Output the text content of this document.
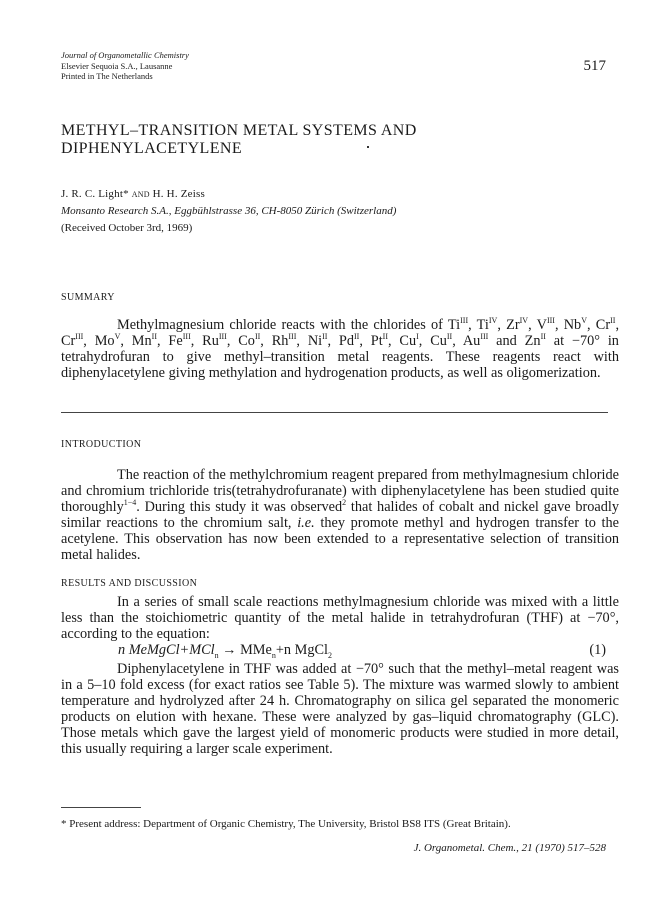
Journal of Organometallic Chemistry
Elsevier Sequoia S.A., Lausanne
Printed in The Netherlands
517
METHYL–TRANSITION METAL SYSTEMS AND
DIPHENYLACETYLENE
J. R. C. Light* and H. H. Zeiss
Monsanto Research S.A., Eggbühlstrasse 36, CH-8050 Zürich (Switzerland)
(Received October 3rd, 1969)
SUMMARY
Methylmagnesium chloride reacts with the chlorides of $Ti^{III}$, $Ti^{IV}$, $Zr^{IV}$, $V^{III}$, $Nb^V$, $Cr^{II}$, $Cr^{III}$, $Mo^V$, $Mn^{II}$, $Fe^{III}$, $Ru^{III}$, $Co^{II}$, $Rh^{III}$, $Ni^{II}$, $Pd^{II}$, $Pt^{II}$, $Cu^I$, $Cu^{II}$, $Au^{III}$ and $Zn^{II}$ at −70° in tetrahydrofuran to give methyl–transition metal reagents. These reagents react with diphenylacetylene giving methylation and hydrogenation products, as well as oligomerization.
INTRODUCTION
The reaction of the methylchromium reagent prepared from methylmagnesium chloride and chromium trichloride tris(tetrahydrofuranate) with diphenylacetylene has been studied quite thoroughly$^{1-4}$. During this study it was observed$^2$ that halides of cobalt and nickel gave broadly similar reactions to the chromium salt, i.e. they promote methyl and hydrogen transfer to the acetylene. This observation has now been extended to a representative selection of transition metal halides.
RESULTS AND DISCUSSION
In a series of small scale reactions methylmagnesium chloride was mixed with a little less than the stoichiometric quantity of the metal halide in tetrahydrofuran (THF) at −70°, according to the equation:
n MeMgCl+MCl$_n$ → MMe$_n$+n MgCl$_2$	(1)
Diphenylacetylene in THF was added at −70° such that the methyl–metal reagent was in a 5–10 fold excess (for exact ratios see Table 5). The mixture was warmed slowly to ambient temperature and hydrolyzed after 24 h. Chromatography on silica gel separated the monomeric products on elution with hexane. These were analyzed by gas–liquid chromatography (GLC). Those metals which gave the largest yield of monomeric products were studied in more detail, this usually requiring a larger scale experiment.
* Present address: Department of Organic Chemistry, The University, Bristol BS8 ITS (Great Britain).
J. Organometal. Chem., 21 (1970) 517–528
